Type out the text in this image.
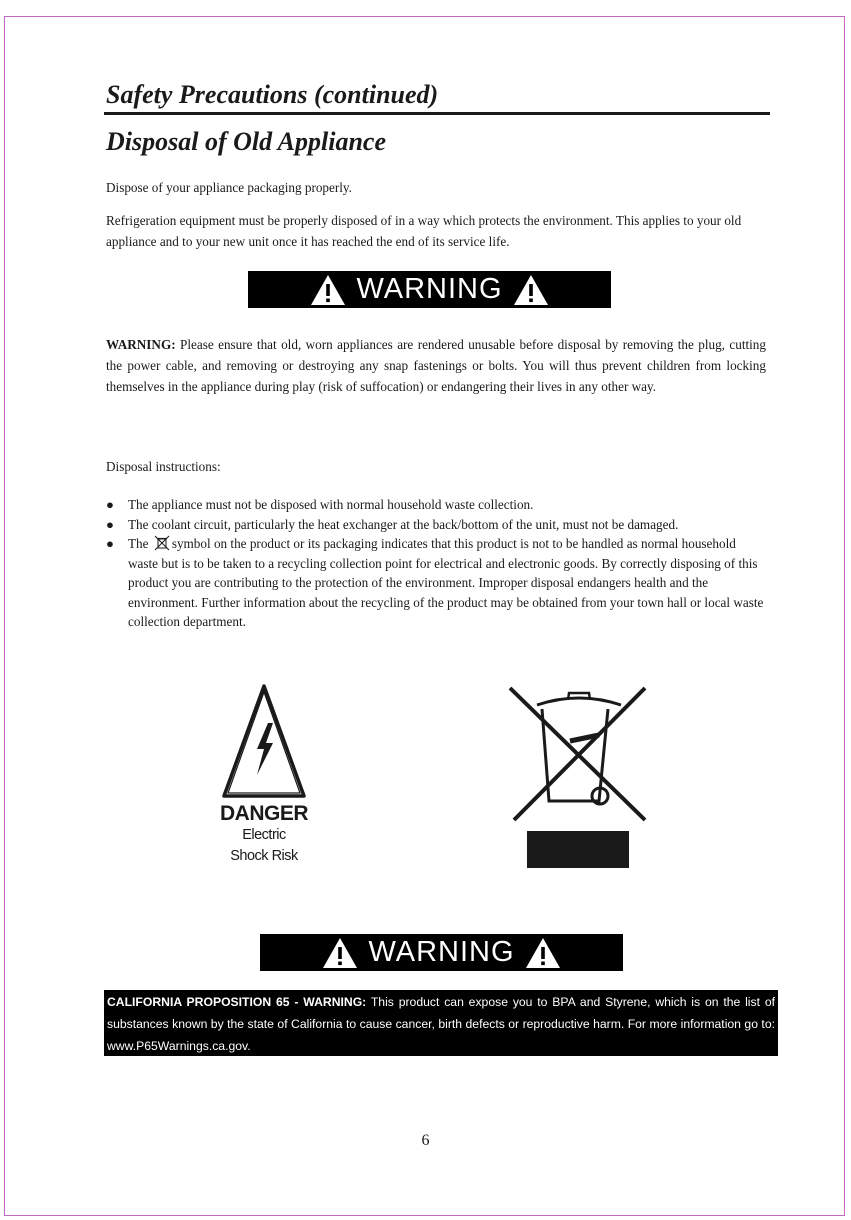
Safety Precautions (continued)
Disposal of Old Appliance

Dispose of your appliance packaging properly.

Refrigeration equipment must be properly disposed of in a way which protects the environment. This applies to your old appliance and to your new unit once it has reached the end of its service life.

WARNING

WARNING: Please ensure that old, worn appliances are rendered unusable before disposal by removing the plug, cutting the power cable, and removing or destroying any snap fastenings or bolts. You will thus prevent children from locking themselves in the appliance during play (risk of suffocation) or endangering their lives in any other way.

Disposal instructions:

● The appliance must not be disposed with normal household waste collection.
● The coolant circuit, particularly the heat exchanger at the back/bottom of the unit, must not be damaged.
● The symbol on the product or its packaging indicates that this product is not to be handled as normal household waste but is to be taken to a recycling collection point for electrical and electronic goods. By correctly disposing of this product you are contributing to the protection of the environment. Improper disposal endangers health and the environment. Further information about the recycling of the product may be obtained from your town hall or local waste collection department.
DANGER
Electric
Shock Risk
WARNING
CALIFORNIA PROPOSITION 65 - WARNING: This product can expose you to BPA and Styrene, which is on the list of substances known by the state of California to cause cancer, birth defects or reproductive harm. For more information go to: www.P65Warnings.ca.gov.
6
